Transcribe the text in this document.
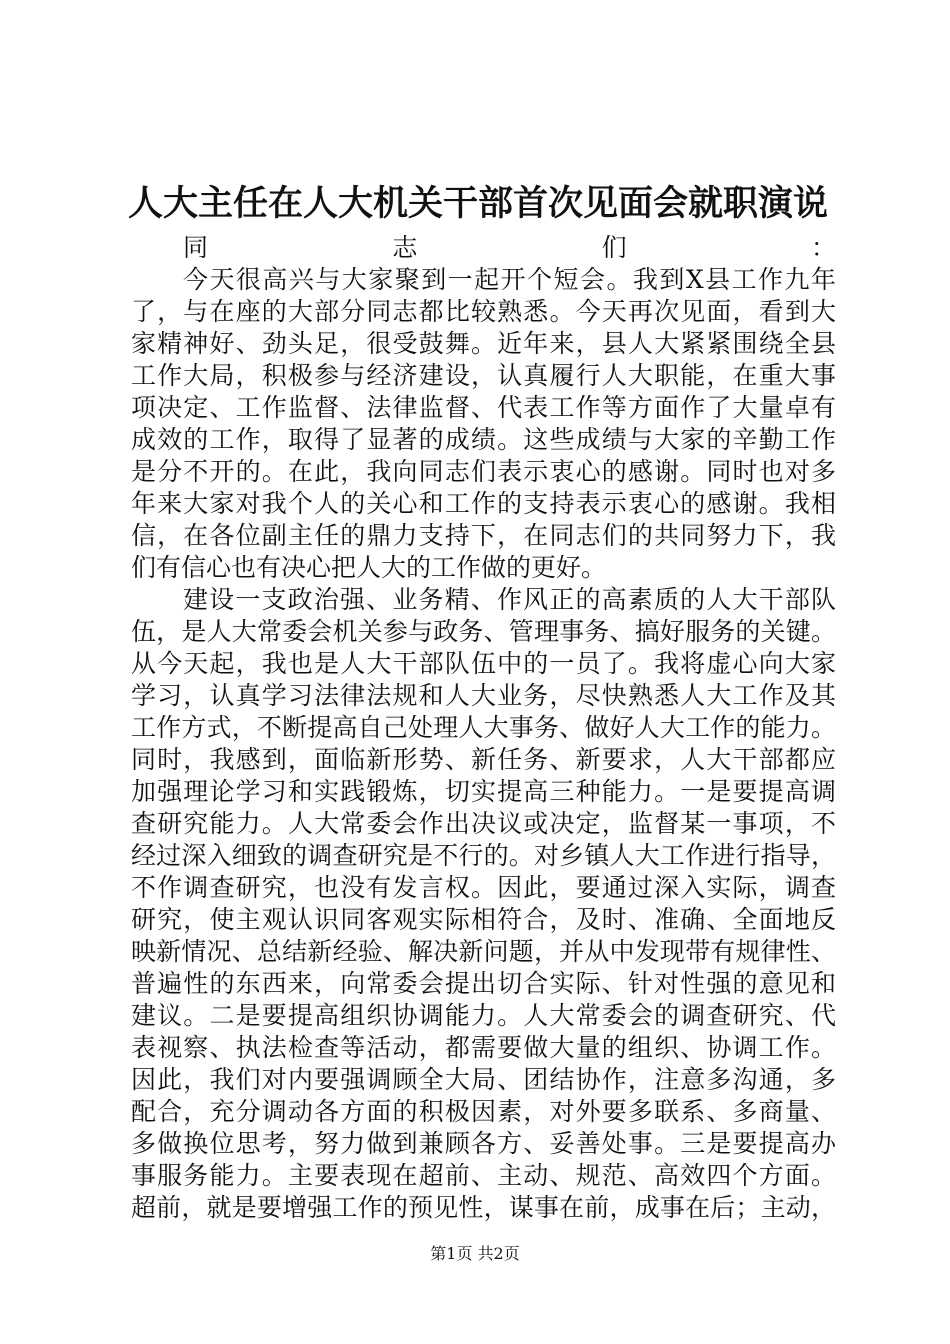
人大主任在人大机关干部首次见面会就职演说
同志们：
今天很高兴与大家聚到一起开个短会。我到X县工作九年
了，与在座的大部分同志都比较熟悉。今天再次见面，看到大
家精神好、劲头足，很受鼓舞。近年来，县人大紧紧围绕全县
工作大局，积极参与经济建设，认真履行人大职能，在重大事
项决定、工作监督、法律监督、代表工作等方面作了大量卓有
成效的工作，取得了显著的成绩。这些成绩与大家的辛勤工作
是分不开的。在此，我向同志们表示衷心的感谢。同时也对多
年来大家对我个人的关心和工作的支持表示衷心的感谢。我相
信，在各位副主任的鼎力支持下，在同志们的共同努力下，我
们有信心也有决心把人大的工作做的更好。
建设一支政治强、业务精、作风正的高素质的人大干部队
伍，是人大常委会机关参与政务、管理事务、搞好服务的关键。
从今天起，我也是人大干部队伍中的一员了。我将虚心向大家
学习，认真学习法律法规和人大业务，尽快熟悉人大工作及其
工作方式，不断提高自己处理人大事务、做好人大工作的能力。
同时，我感到，面临新形势、新任务、新要求，人大干部都应
加强理论学习和实践锻炼，切实提高三种能力。一是要提高调
查研究能力。人大常委会作出决议或决定，监督某一事项，不
经过深入细致的调查研究是不行的。对乡镇人大工作进行指导，
不作调查研究，也没有发言权。因此，要通过深入实际，调查
研究，使主观认识同客观实际相符合，及时、准确、全面地反
映新情况、总结新经验、解决新问题，并从中发现带有规律性、
普遍性的东西来，向常委会提出切合实际、针对性强的意见和
建议。二是要提高组织协调能力。人大常委会的调查研究、代
表视察、执法检查等活动，都需要做大量的组织、协调工作。
因此，我们对内要强调顾全大局、团结协作，注意多沟通，多
配合，充分调动各方面的积极因素，对外要多联系、多商量、
多做换位思考，努力做到兼顾各方、妥善处事。三是要提高办
事服务能力。主要表现在超前、主动、规范、高效四个方面。
超前，就是要增强工作的预见性，谋事在前，成事在后；主动，
第1页 共2页
